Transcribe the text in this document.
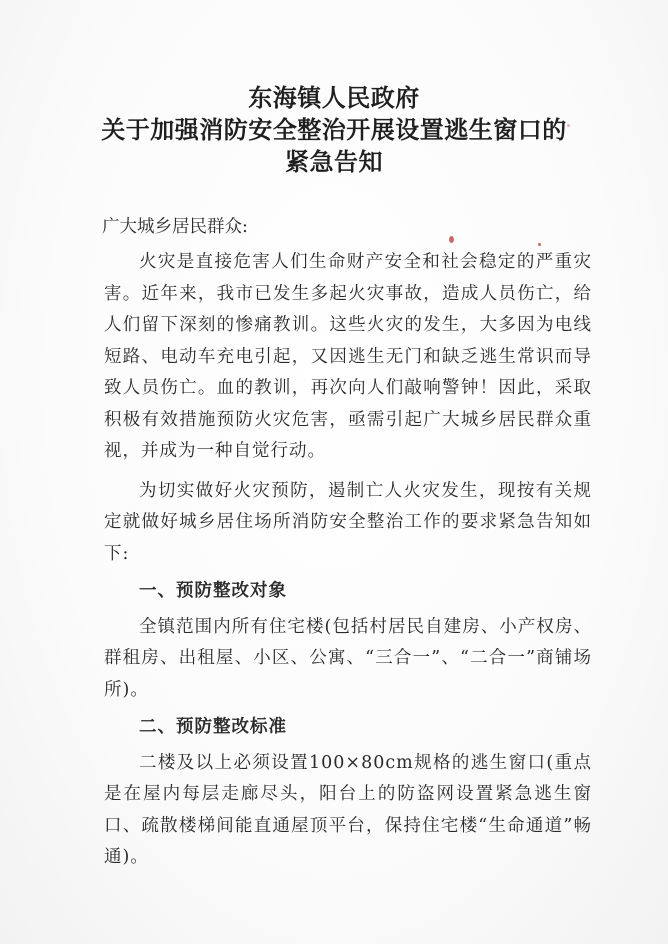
东海镇人民政府
关于加强消防安全整治开展设置逃生窗口的
紧急告知
广大城乡居民群众:

火灾是直接危害人们生命财产安全和社会稳定的严重灾害。近年来，我市已发生多起火灾事故，造成人员伤亡，给人们留下深刻的惨痛教训。这些火灾的发生，大多因为电线短路、电动车充电引起，又因逃生无门和缺乏逃生常识而导致人员伤亡。血的教训，再次向人们敲响警钟！因此，采取积极有效措施预防火灾危害，亟需引起广大城乡居民群众重视，并成为一种自觉行动。

为切实做好火灾预防，遏制亡人火灾发生，现按有关规定就做好城乡居住场所消防安全整治工作的要求紧急告知如下:

一、预防整改对象

全镇范围内所有住宅楼(包括村居民自建房、小产权房、群租房、出租屋、小区、公寓、“三合一”、“二合一”商铺场所)。

二、预防整改标准

二楼及以上必须设置100×80cm规格的逃生窗口(重点是在屋内每层走廊尽头，阳台上的防盗网设置紧急逃生窗口、疏散楼梯间能直通屋顶平台，保持住宅楼“生命通道”畅通)。
